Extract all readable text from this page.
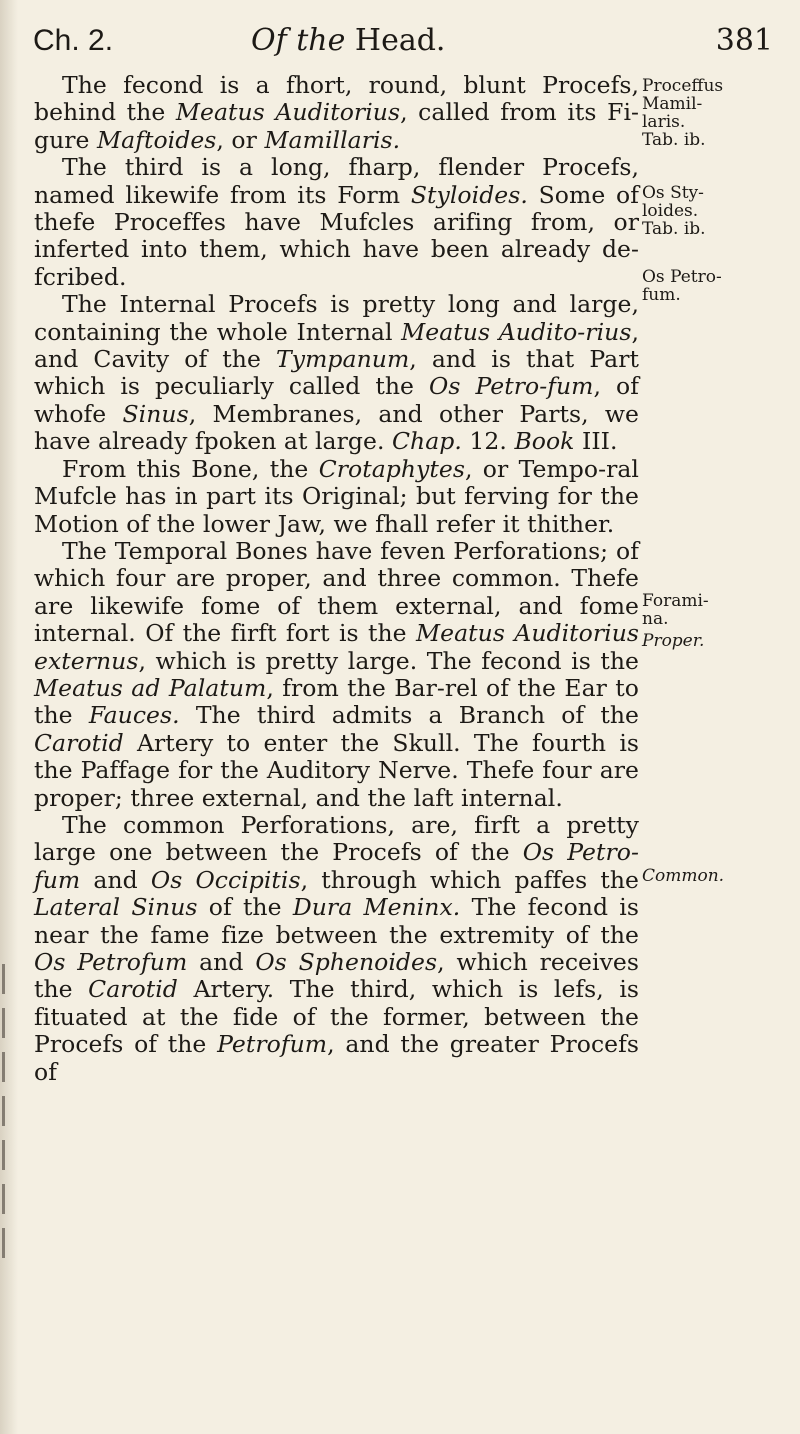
Ch. 2.	Of the Head.	381

The fecond is a fhort, round, blunt Procefs, behind the Meatus Auditorius, called from its Fi-gure Maftoides, or Mamillaris.

The third is a long, fharp, flender Procefs, named likewife from its Form Styloides. Some of thefe Proceffes have Mufcles arifing from, or inferted into them, which have been already de-fcribed.

The Internal Procefs is pretty long and large, containing the whole Internal Meatus Audito-rius, and Cavity of the Tympanum, and is that Part which is peculiarly called the Os Petro-fum, of whofe Sinus, Membranes, and other Parts, we have already fpoken at large. Chap. 12. Book III.

From this Bone, the Crotaphytes, or Tempo-ral Mufcle has in part its Original; but ferving for the Motion of the lower Jaw, we fhall refer it thither.

The Temporal Bones have feven Perforations; of which four are proper, and three common. Thefe are likewife fome of them external, and fome internal. Of the firft fort is the Meatus Auditorius externus, which is pretty large. The fecond is the Meatus ad Palatum, from the Bar-rel of the Ear to the Fauces. The third admits a Branch of the Carotid Artery to enter the Skull. The fourth is the Paffage for the Auditory Nerve. Thefe four are proper; three external, and the laft internal.

The common Perforations, are, firft a pretty large one between the Procefs of the Os Petro-fum and Os Occipitis, through which paffes the Lateral Sinus of the Dura Meninx. The fecond is near the fame fize between the extremity of the Os Petrofum and Os Sphenoides, which receives the Carotid Artery. The third, which is lefs, is fituated at the fide of the former, between the Procefs of the Petrofum, and the greater Procefs of

Proceffus
Mamil-
laris.
Tab. ib.
Os Sty-
loides.
Tab. ib.
Os Petro-
fum.
Forami-
na.
Proper.
Common.
